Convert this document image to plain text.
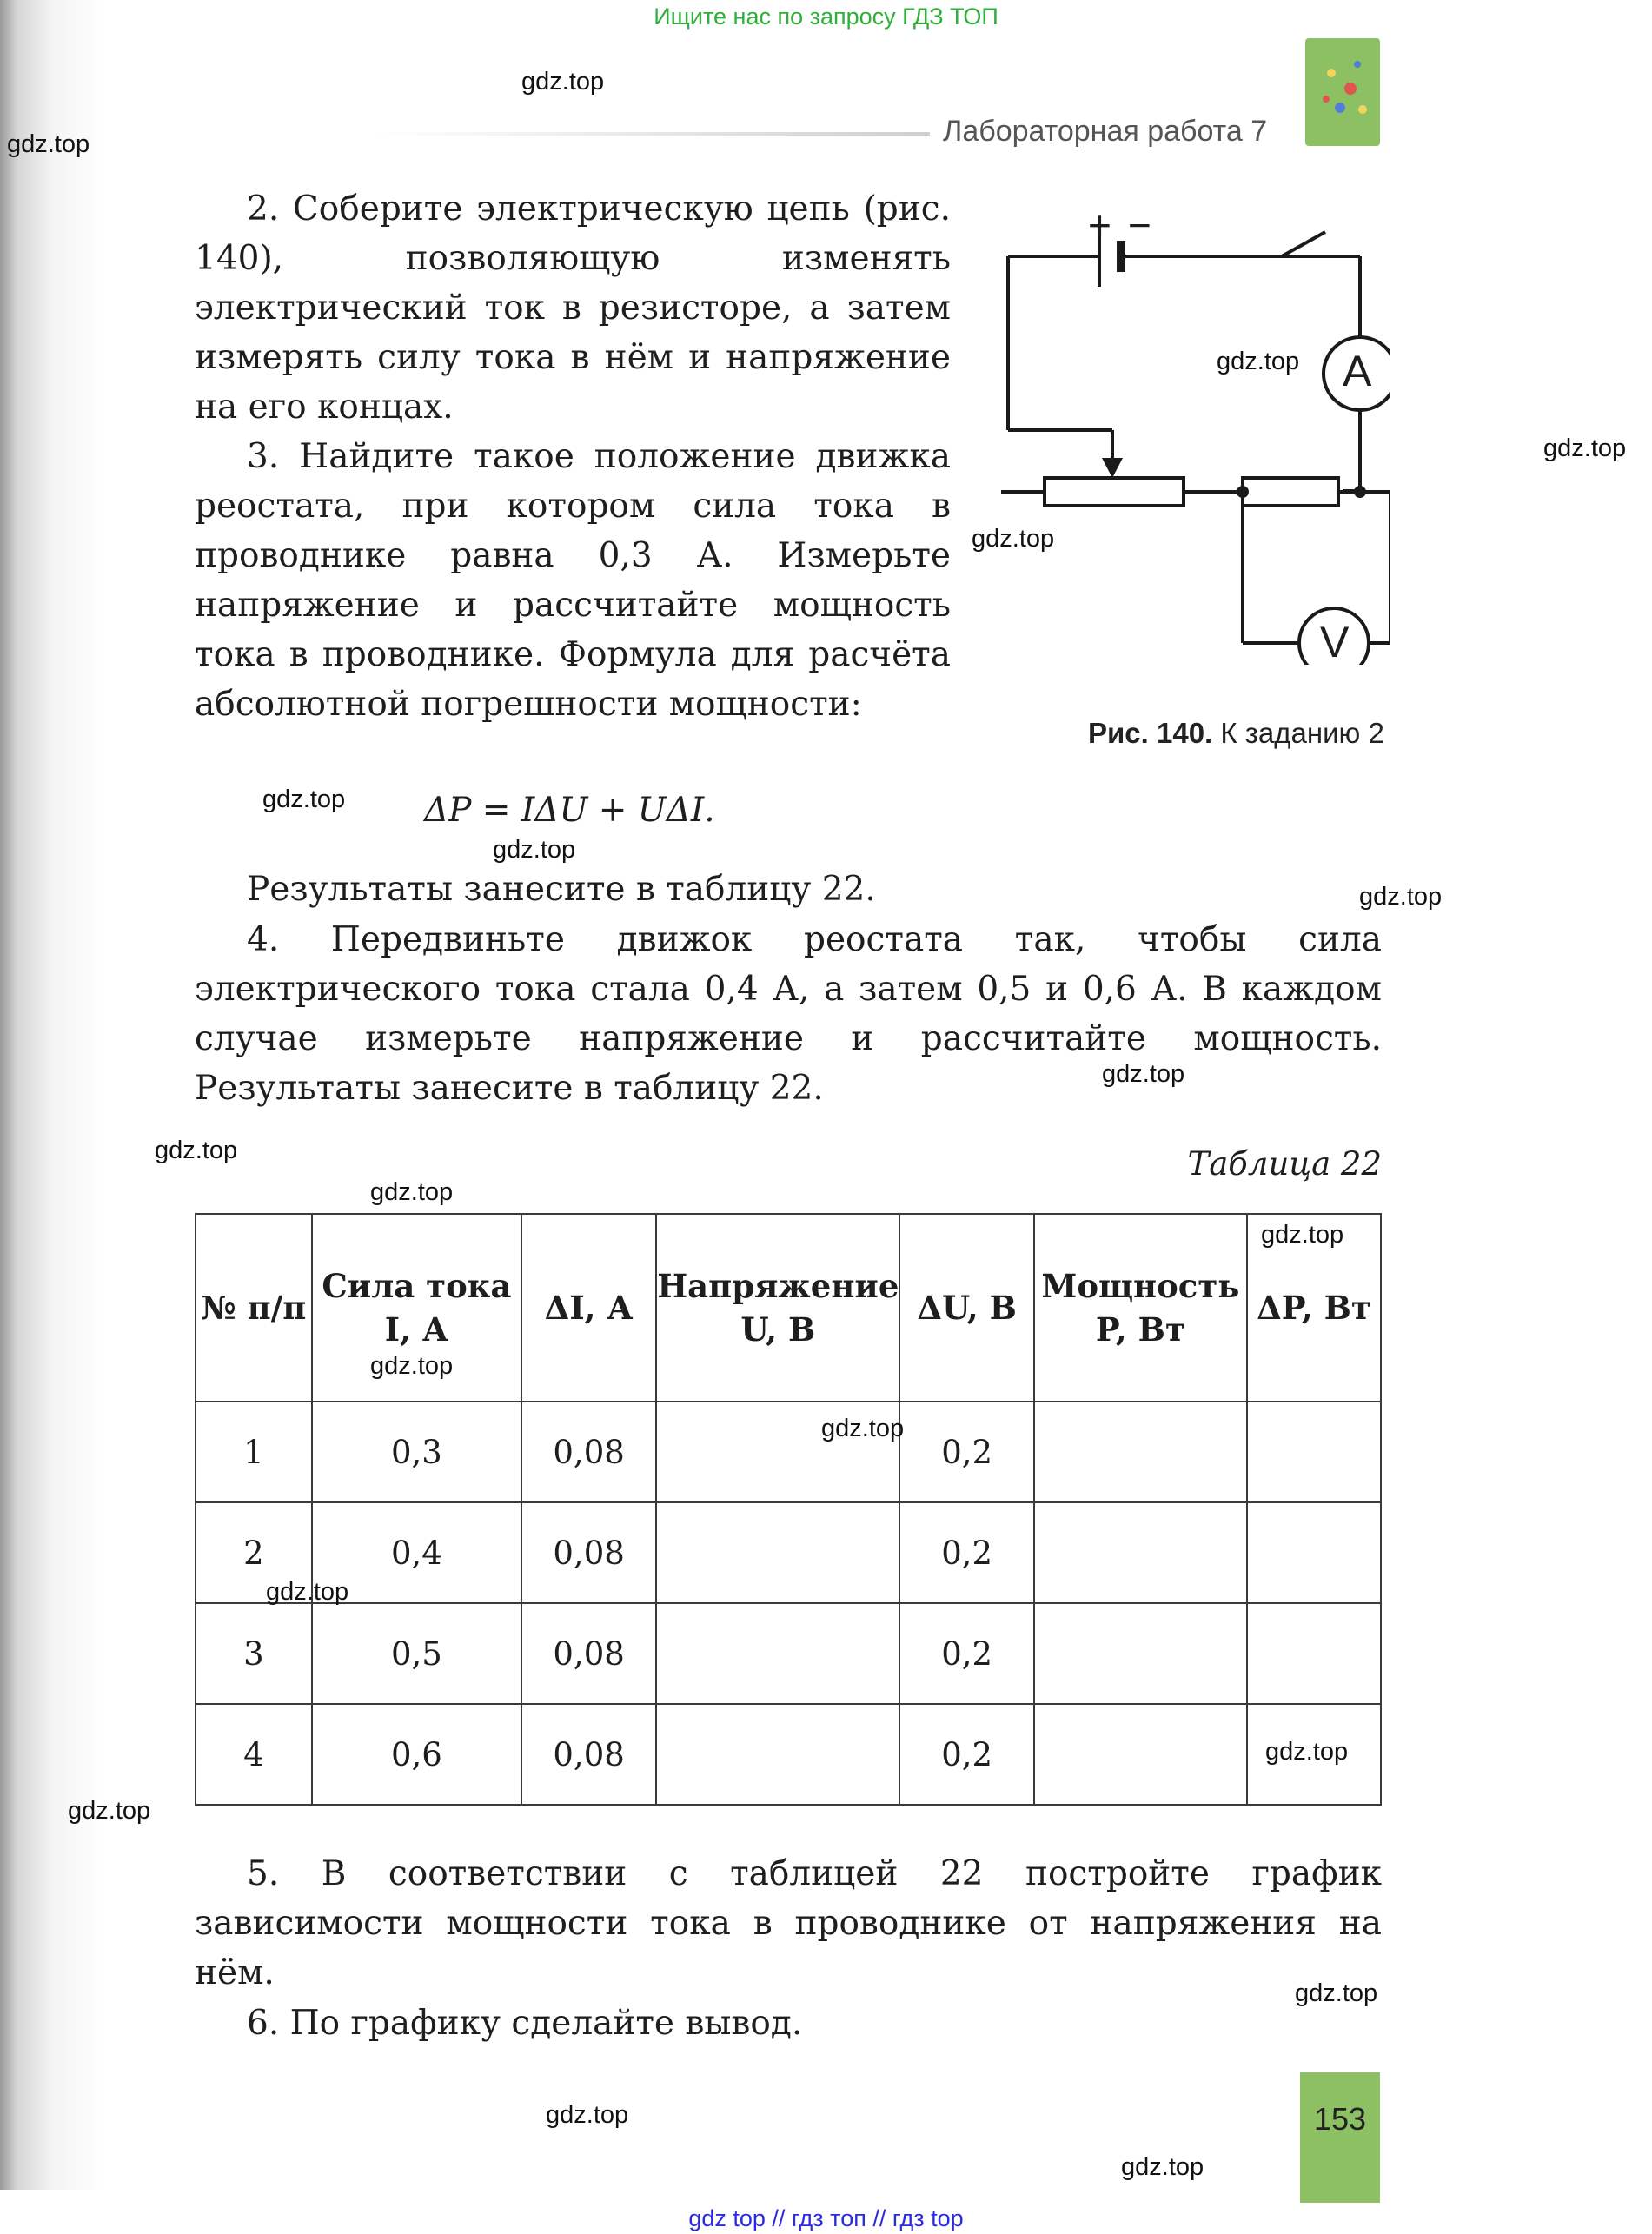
Ищите нас по запросу ГДЗ ТОП
Лабораторная работа 7
A
V
+ −
Рис. 140. К заданию 2
2. Соберите электрическую цепь (рис. 140), позволяющую изменять электрический ток в резисторе, а затем измерять силу тока в нём и напряжение на его концах.
3. Найдите такое положение движка реостата, при котором сила тока в проводнике равна 0,3 А. Измерьте напряжение и рассчитайте мощность тока в проводнике. Формула для расчёта абсолютной погрешности мощности:
ΔP = IΔU + UΔI.
Результаты занесите в таблицу 22.
4. Передвиньте движок реостата так, чтобы сила электрического тока стала 0,4 А, а затем 0,5 и 0,6 А. В каждом случае измерьте напряжение и рассчитайте мощность. Результаты занесите в таблицу 22.
Таблица 22
№ п/п	Сила тока I, А	ΔI, А	Напряжение U, В	ΔU, В	Мощность P, Вт	ΔP, Вт
1	0,3	0,08		0,2		
2	0,4	0,08		0,2		
3	0,5	0,08		0,2		
4	0,6	0,08		0,2		
5. В соответствии с таблицей 22 постройте график зависимости мощности тока в проводнике от напряжения на нём.
6. По графику сделайте вывод.
153
gdz.top
gdz.top
gdz.top
gdz.top
gdz.top
gdz.top
gdz.top
gdz.top
gdz.top
gdz.top
gdz.top
gdz.top
gdz.top
gdz.top
gdz.top
gdz.top
gdz.top
gdz.top
gdz.top
gdz.top
gdz top // гдз топ // гдз top
